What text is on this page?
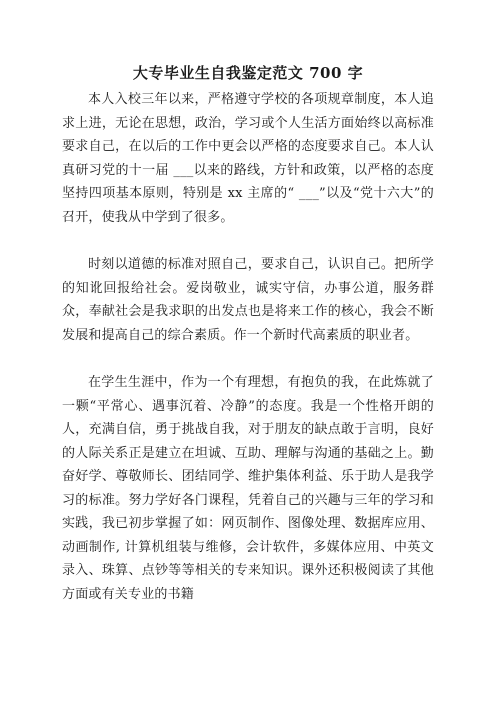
大专毕业生自我鉴定范文 700 字

本人入校三年以来，严格遵守学校的各项规章制度，本人追求上进，无论在思想，政治，学习或个人生活方面始终以高标准要求自己，在以后的工作中更会以严格的态度要求自己。本人认真研习党的十一届 ___以来的路线，方针和政策，以严格的态度坚持四项基本原则，特别是 xx 主席的“ ___”以及“党十六大”的召开，使我从中学到了很多。

时刻以道德的标准对照自己，要求自己，认识自己。把所学的知讹回报给社会。爱岗敬业，诚实守信，办事公道，服务群众，奉献社会是我求职的出发点也是将来工作的核心，我会不断发展和提高自己的综合素质。作一个新时代高素质的职业者。

在学生生涯中，作为一个有理想，有抱负的我，在此炼就了一颗“平常心、遇事沉着、冷静”的态度。我是一个性格开朗的人，充满自信，勇于挑战自我，对于朋友的缺点敢于言明，良好的人际关系正是建立在坦诚、互助、理解与沟通的基础之上。勤奋好学、尊敬师长、团结同学、维护集体利益、乐于助人是我学习的标准。努力学好各门课程，凭着自己的兴趣与三年的学习和实践，我已初步掌握了如：网页制作、图像处理、数据库应用、动画制作, 计算机组装与维修，会计软件，多媒体应用、中英文录入、珠算、点钞等等相关的专来知识。课外还积极阅读了其他方面或有关专业的书籍
